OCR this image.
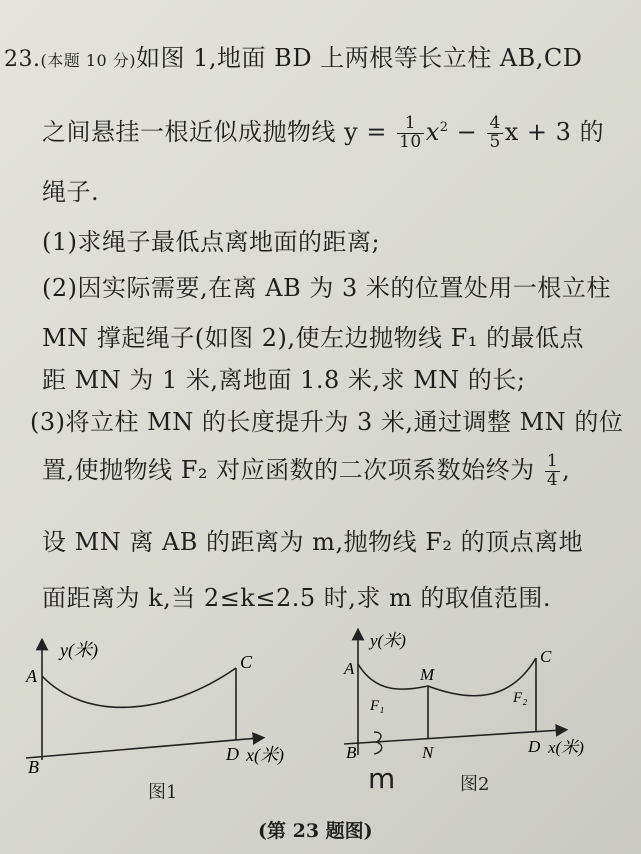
23.(本题 10 分)如图 1,地面 BD 上两根等长立柱 AB,CD
之间悬挂一根近似成抛物线 $y = \frac{1}{10} x^2 - \frac{4}{5}$ x + 3 的
绳子.
(1)求绳子最低点离地面的距离;
(2)因实际需要,在离 AB 为 3 米的位置处用一根立柱
MN 撑起绳子(如图 2),使左边抛物线 F₁ 的最低点
距 MN 为 1 米,离地面 1.8 米,求 MN 的长;
(3)将立柱 MN 的长度提升为 3 米,通过调整 MN 的位
置,使抛物线 F₂ 对应函数的二次项系数始终为 $\frac{1}{4}$ ,
设 MN 离 AB 的距离为 m,抛物线 F₂ 的顶点离地
面距离为 k,当 2≤k≤2.5 时,求 m 的取值范围.
y(米)
A
B
C
D x(米)
图1
y(米)
A
B
M
N
C
D x(米)
F₁	F₂
m	图2
(第 23 题图)
